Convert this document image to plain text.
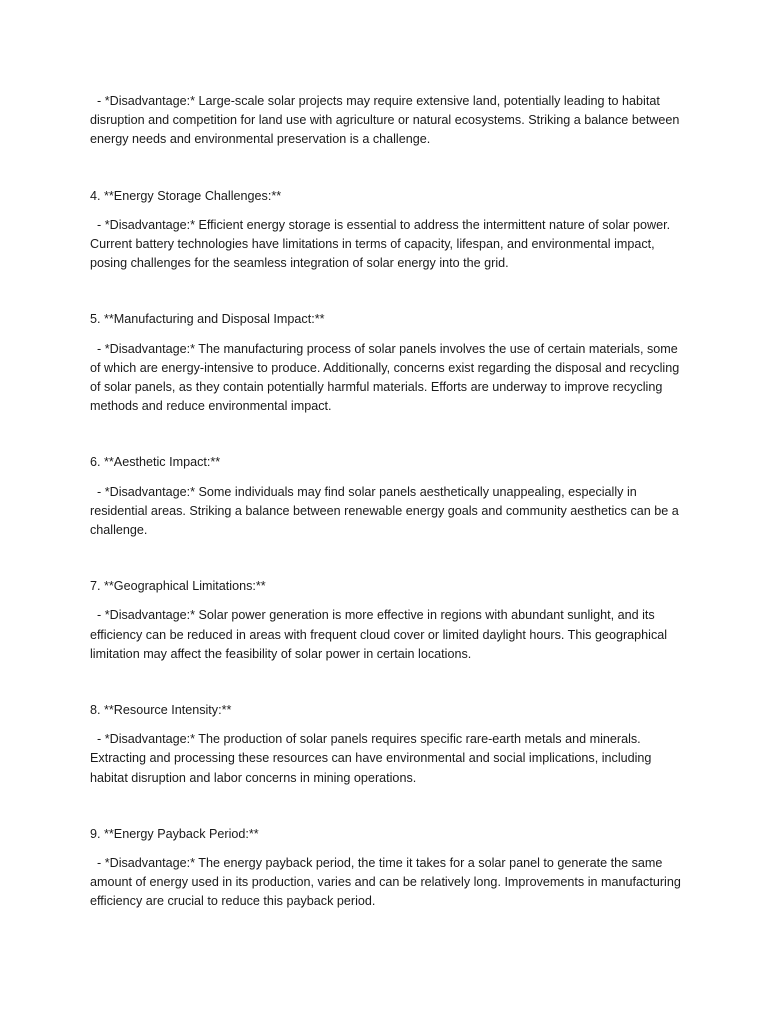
- *Disadvantage:* Large-scale solar projects may require extensive land, potentially leading to habitat disruption and competition for land use with agriculture or natural ecosystems. Striking a balance between energy needs and environmental preservation is a challenge.

4. **Energy Storage Challenges:**

- *Disadvantage:* Efficient energy storage is essential to address the intermittent nature of solar power. Current battery technologies have limitations in terms of capacity, lifespan, and environmental impact, posing challenges for the seamless integration of solar energy into the grid.

5. **Manufacturing and Disposal Impact:**

- *Disadvantage:* The manufacturing process of solar panels involves the use of certain materials, some of which are energy-intensive to produce. Additionally, concerns exist regarding the disposal and recycling of solar panels, as they contain potentially harmful materials. Efforts are underway to improve recycling methods and reduce environmental impact.

6. **Aesthetic Impact:**

- *Disadvantage:* Some individuals may find solar panels aesthetically unappealing, especially in residential areas. Striking a balance between renewable energy goals and community aesthetics can be a challenge.

7. **Geographical Limitations:**

- *Disadvantage:* Solar power generation is more effective in regions with abundant sunlight, and its efficiency can be reduced in areas with frequent cloud cover or limited daylight hours. This geographical limitation may affect the feasibility of solar power in certain locations.

8. **Resource Intensity:**

- *Disadvantage:* The production of solar panels requires specific rare-earth metals and minerals. Extracting and processing these resources can have environmental and social implications, including habitat disruption and labor concerns in mining operations.

9. **Energy Payback Period:**

- *Disadvantage:* The energy payback period, the time it takes for a solar panel to generate the same amount of energy used in its production, varies and can be relatively long. Improvements in manufacturing efficiency are crucial to reduce this payback period.
